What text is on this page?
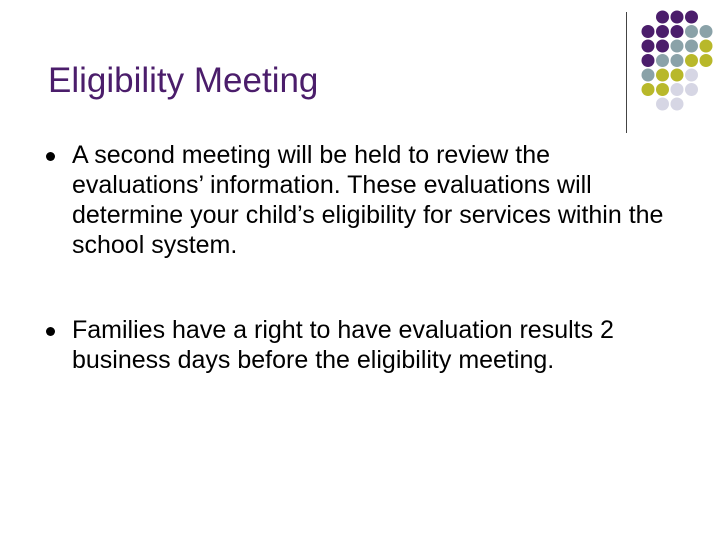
Eligibility Meeting
A second meeting will be held to review the evaluations’ information. These evaluations will determine your child’s eligibility for services within the school system.
Families have a right to have evaluation results 2 business days before the eligibility meeting.
